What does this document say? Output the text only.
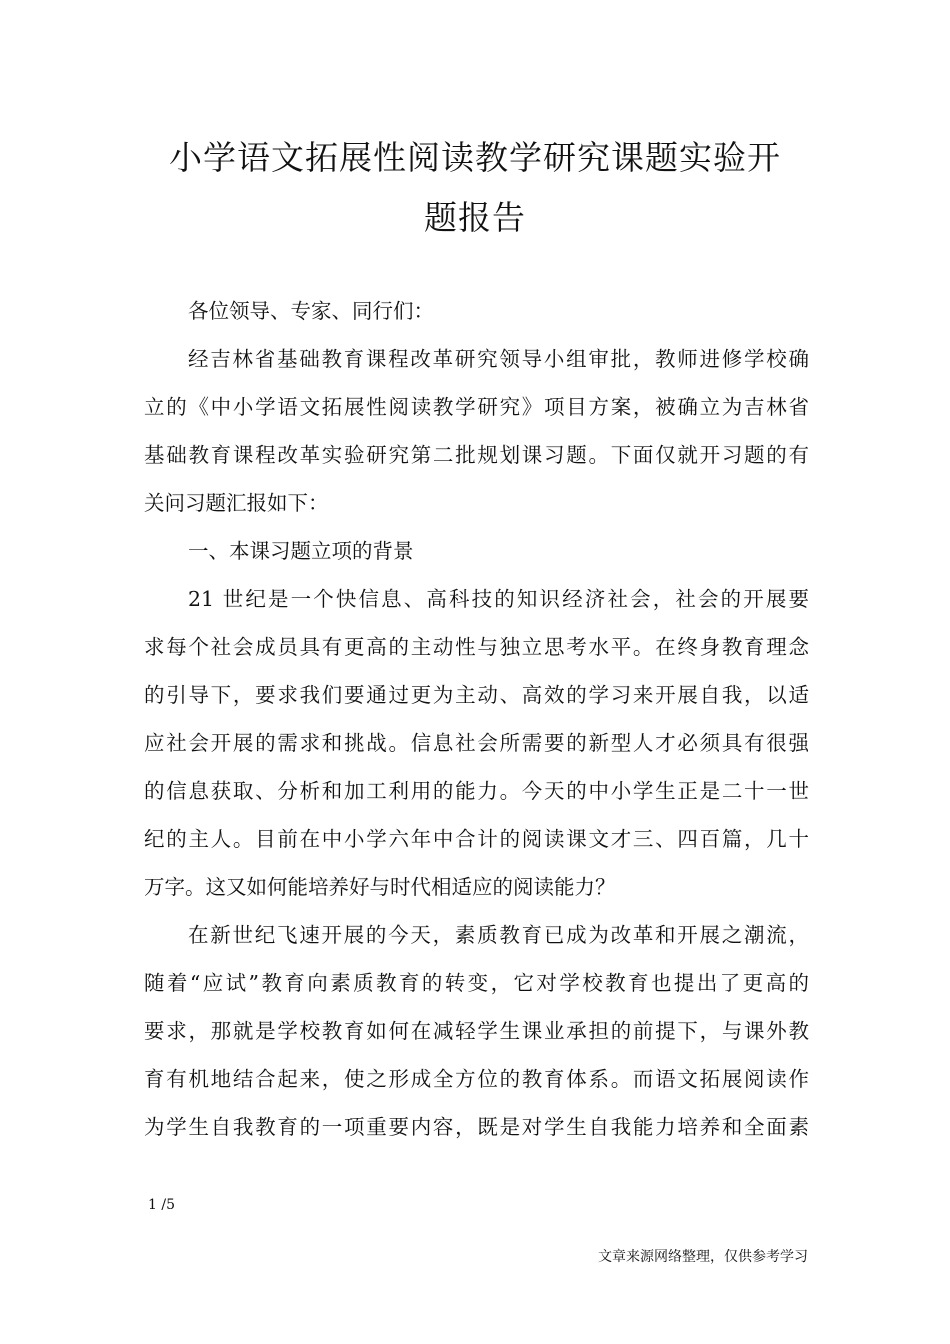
小学语文拓展性阅读教学研究课题实验开
题报告

各位领导、专家、同行们：

经吉林省基础教育课程改革研究领导小组审批，教师进修学校确
立的《中小学语文拓展性阅读教学研究》项目方案，被确立为吉林省
基础教育课程改革实验研究第二批规划课习题。下面仅就开习题的有
关问习题汇报如下：

一、本课习题立项的背景

21 世纪是一个快信息、高科技的知识经济社会，社会的开展要
求每个社会成员具有更高的主动性与独立思考水平。在终身教育理念
的引导下，要求我们要通过更为主动、高效的学习来开展自我，以适
应社会开展的需求和挑战。信息社会所需要的新型人才必须具有很强
的信息获取、分析和加工利用的能力。今天的中小学生正是二十一世
纪的主人。目前在中小学六年中合计的阅读课文才三、四百篇，几十
万字。这又如何能培养好与时代相适应的阅读能力？

在新世纪飞速开展的今天，素质教育已成为改革和开展之潮流，
随着“应试”教育向素质教育的转变，它对学校教育也提出了更高的
要求，那就是学校教育如何在减轻学生课业承担的前提下，与课外教
育有机地结合起来，使之形成全方位的教育体系。而语文拓展阅读作
为学生自我教育的一项重要内容，既是对学生自我能力培养和全面素

1 /5
文章来源网络整理，仅供参考学习
